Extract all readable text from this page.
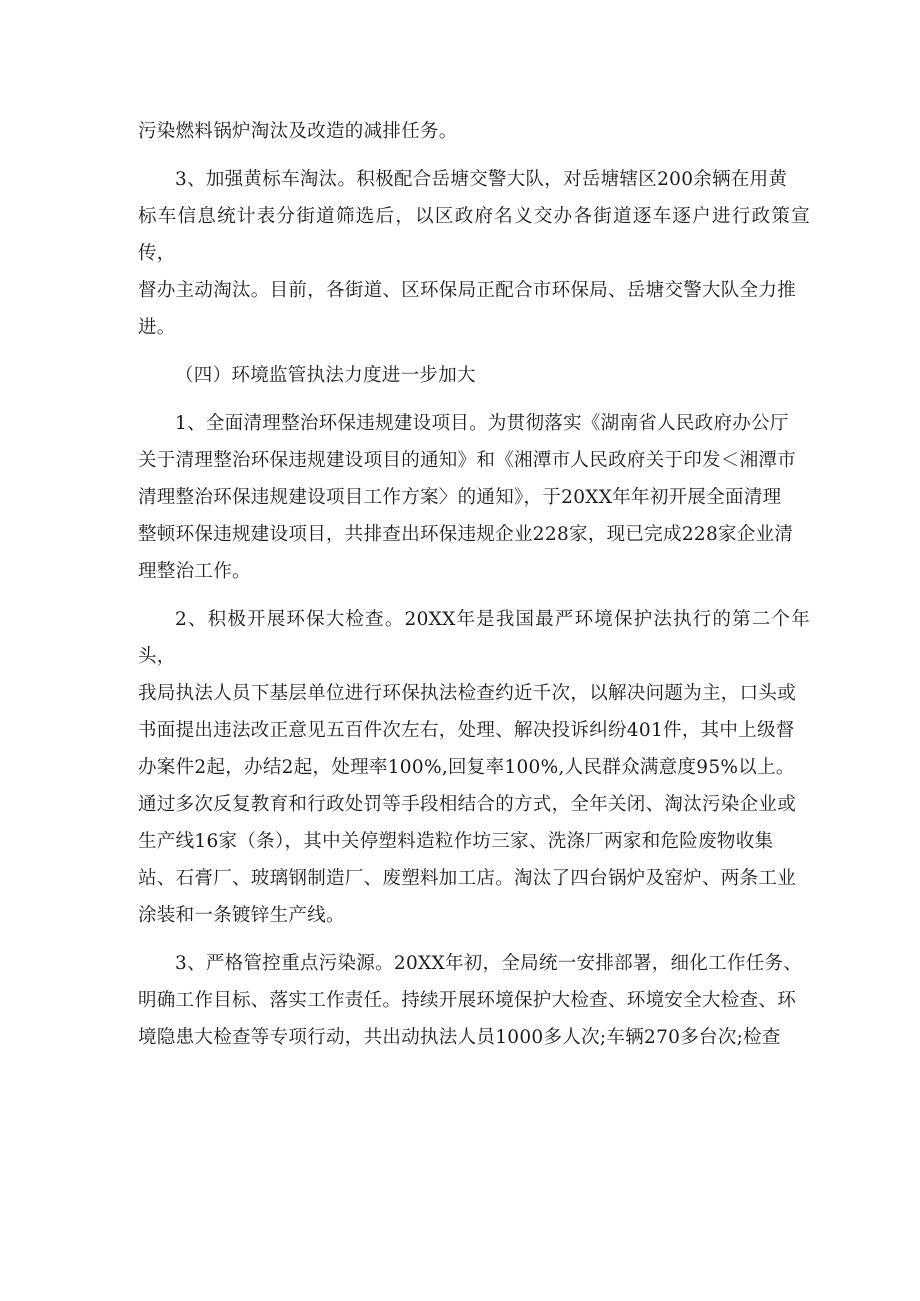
污染燃料锅炉淘汰及改造的减排任务。

3、加强黄标车淘汰。积极配合岳塘交警大队，对岳塘辖区200余辆在用黄
标车信息统计表分街道筛选后，以区政府名义交办各街道逐车逐户进行政策宣传，
督办主动淘汰。目前，各街道、区环保局正配合市环保局、岳塘交警大队全力推
进。

（四）环境监管执法力度进一步加大

1、全面清理整治环保违规建设项目。为贯彻落实《湖南省人民政府办公厅
关于清理整治环保违规建设项目的通知》和《湘潭市人民政府关于印发＜湘潭市
清理整治环保违规建设项目工作方案〉的通知》，于20XX年年初开展全面清理
整顿环保违规建设项目，共排查出环保违规企业228家，现已完成228家企业清
理整治工作。

2、积极开展环保大检查。20XX年是我国最严环境保护法执行的第二个年头，
我局执法人员下基层单位进行环保执法检查约近千次，以解决问题为主，口头或
书面提出违法改正意见五百件次左右，处理、解决投诉纠纷401件，其中上级督
办案件2起，办结2起，处理率100%,回复率100%,人民群众满意度95%以上。
通过多次反复教育和行政处罚等手段相结合的方式，全年关闭、淘汰污染企业或
生产线16家（条），其中关停塑料造粒作坊三家、洗涤厂两家和危险废物收集
站、石膏厂、玻璃钢制造厂、废塑料加工店。淘汰了四台锅炉及窑炉、两条工业
涂装和一条镀锌生产线。

3、严格管控重点污染源。20XX年初，全局统一安排部署，细化工作任务、
明确工作目标、落实工作责任。持续开展环境保护大检查、环境安全大检查、环
境隐患大检查等专项行动，共出动执法人员1000多人次;车辆270多台次;检查
